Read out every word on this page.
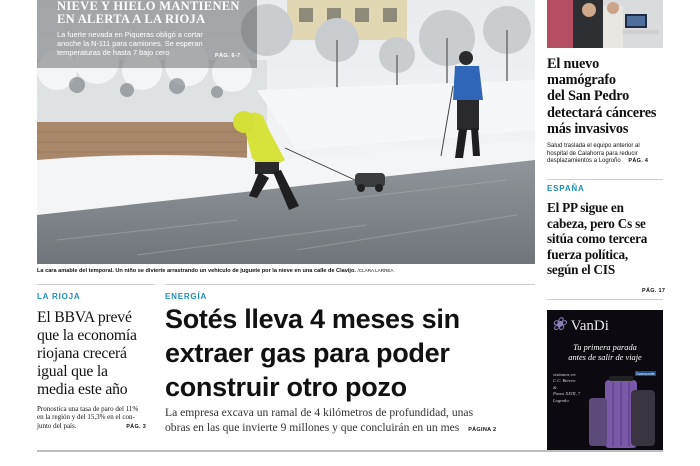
NIEVE Y HIELO MANTIENEN
EN ALERTA A LA RIOJA
La fuerte nevada en Piqueras obligó a cortar
anoche la N-111 para camiones. Se esperan
temperaturas de hasta 7 bajo cero	PÁG. 6-7
La cara amable del temporal. Un niño se divierte arrastrando un vehículo de juguete por la nieve en una calle de Clavijo. /CLARA LARREA
El nuevo
mamógrafo
del San Pedro
detectará cánceres
más invasivos
Salud traslada el equipo anterior al
hospital de Calahorra para reducir
desplazamientos a Logroño PÁG. 4
ESPAÑA
El PP sigue en
cabeza, pero Cs se
sitúa como tercera
fuerza política,
según el CIS
PÁG. 17
❀ VanDi
Tu primera parada
antes de salir de viaje
visítanos en:
C.C. Berceo
&
Paseo XXIII, 7
Logroño
Samsonite
LA RIOJA
El BBVA prevé
que la economía
riojana crecerá
igual que la
media este año
Pronostica una tasa de paro del 11%
en la región y del 15,3% en el con-
junto del país.	PÁG. 3
ENERGÍA
Sotés lleva 4 meses sin
extraer gas para poder
construir otro pozo
La empresa excava un ramal de 4 kilómetros de profundidad, unas
obras en las que invierte 9 millones y que concluirán en un mes PÁGINA 2
